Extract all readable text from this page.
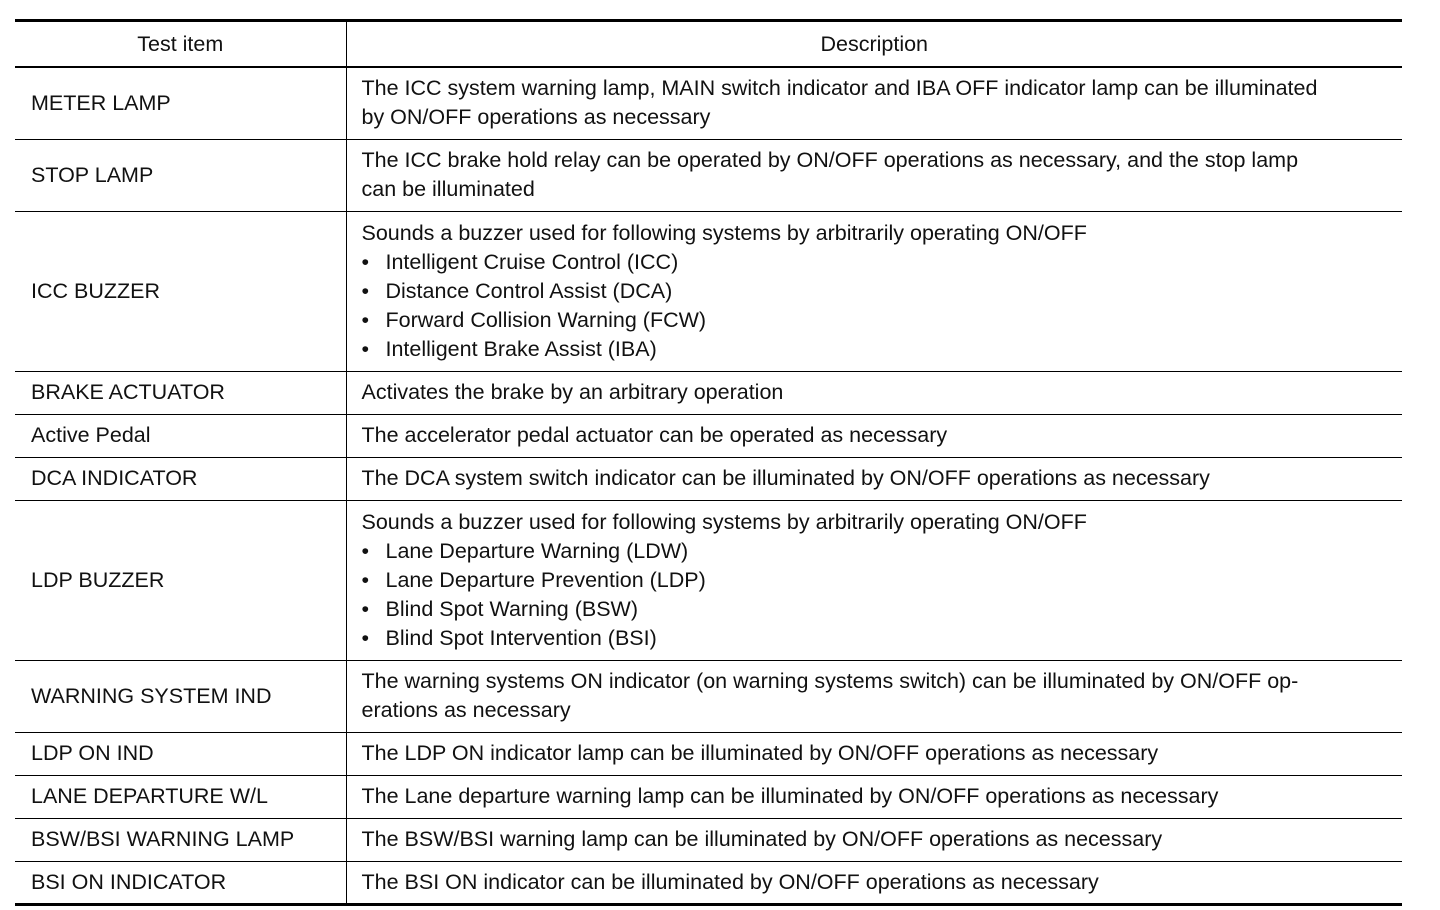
Test item	Description
METER LAMP	The ICC system warning lamp, MAIN switch indicator and IBA OFF indicator lamp can be illuminated
by ON/OFF operations as necessary

STOP LAMP	The ICC brake hold relay can be operated by ON/OFF operations as necessary, and the stop lamp
can be illuminated

ICC BUZZER	Sounds a buzzer used for following systems by arbitrarily operating ON/OFF
• Intelligent Cruise Control (ICC)
• Distance Control Assist (DCA)
• Forward Collision Warning (FCW)
• Intelligent Brake Assist (IBA)

BRAKE ACTUATOR	Activates the brake by an arbitrary operation

Active Pedal	The accelerator pedal actuator can be operated as necessary

DCA INDICATOR	The DCA system switch indicator can be illuminated by ON/OFF operations as necessary

LDP BUZZER	Sounds a buzzer used for following systems by arbitrarily operating ON/OFF
• Lane Departure Warning (LDW)
• Lane Departure Prevention (LDP)
• Blind Spot Warning (BSW)
• Blind Spot Intervention (BSI)

WARNING SYSTEM IND	The warning systems ON indicator (on warning systems switch) can be illuminated by ON/OFF op-
erations as necessary

LDP ON IND	The LDP ON indicator lamp can be illuminated by ON/OFF operations as necessary

LANE DEPARTURE W/L	The Lane departure warning lamp can be illuminated by ON/OFF operations as necessary

BSW/BSI WARNING LAMP	The BSW/BSI warning lamp can be illuminated by ON/OFF operations as necessary

BSI ON INDICATOR	The BSI ON indicator can be illuminated by ON/OFF operations as necessary
